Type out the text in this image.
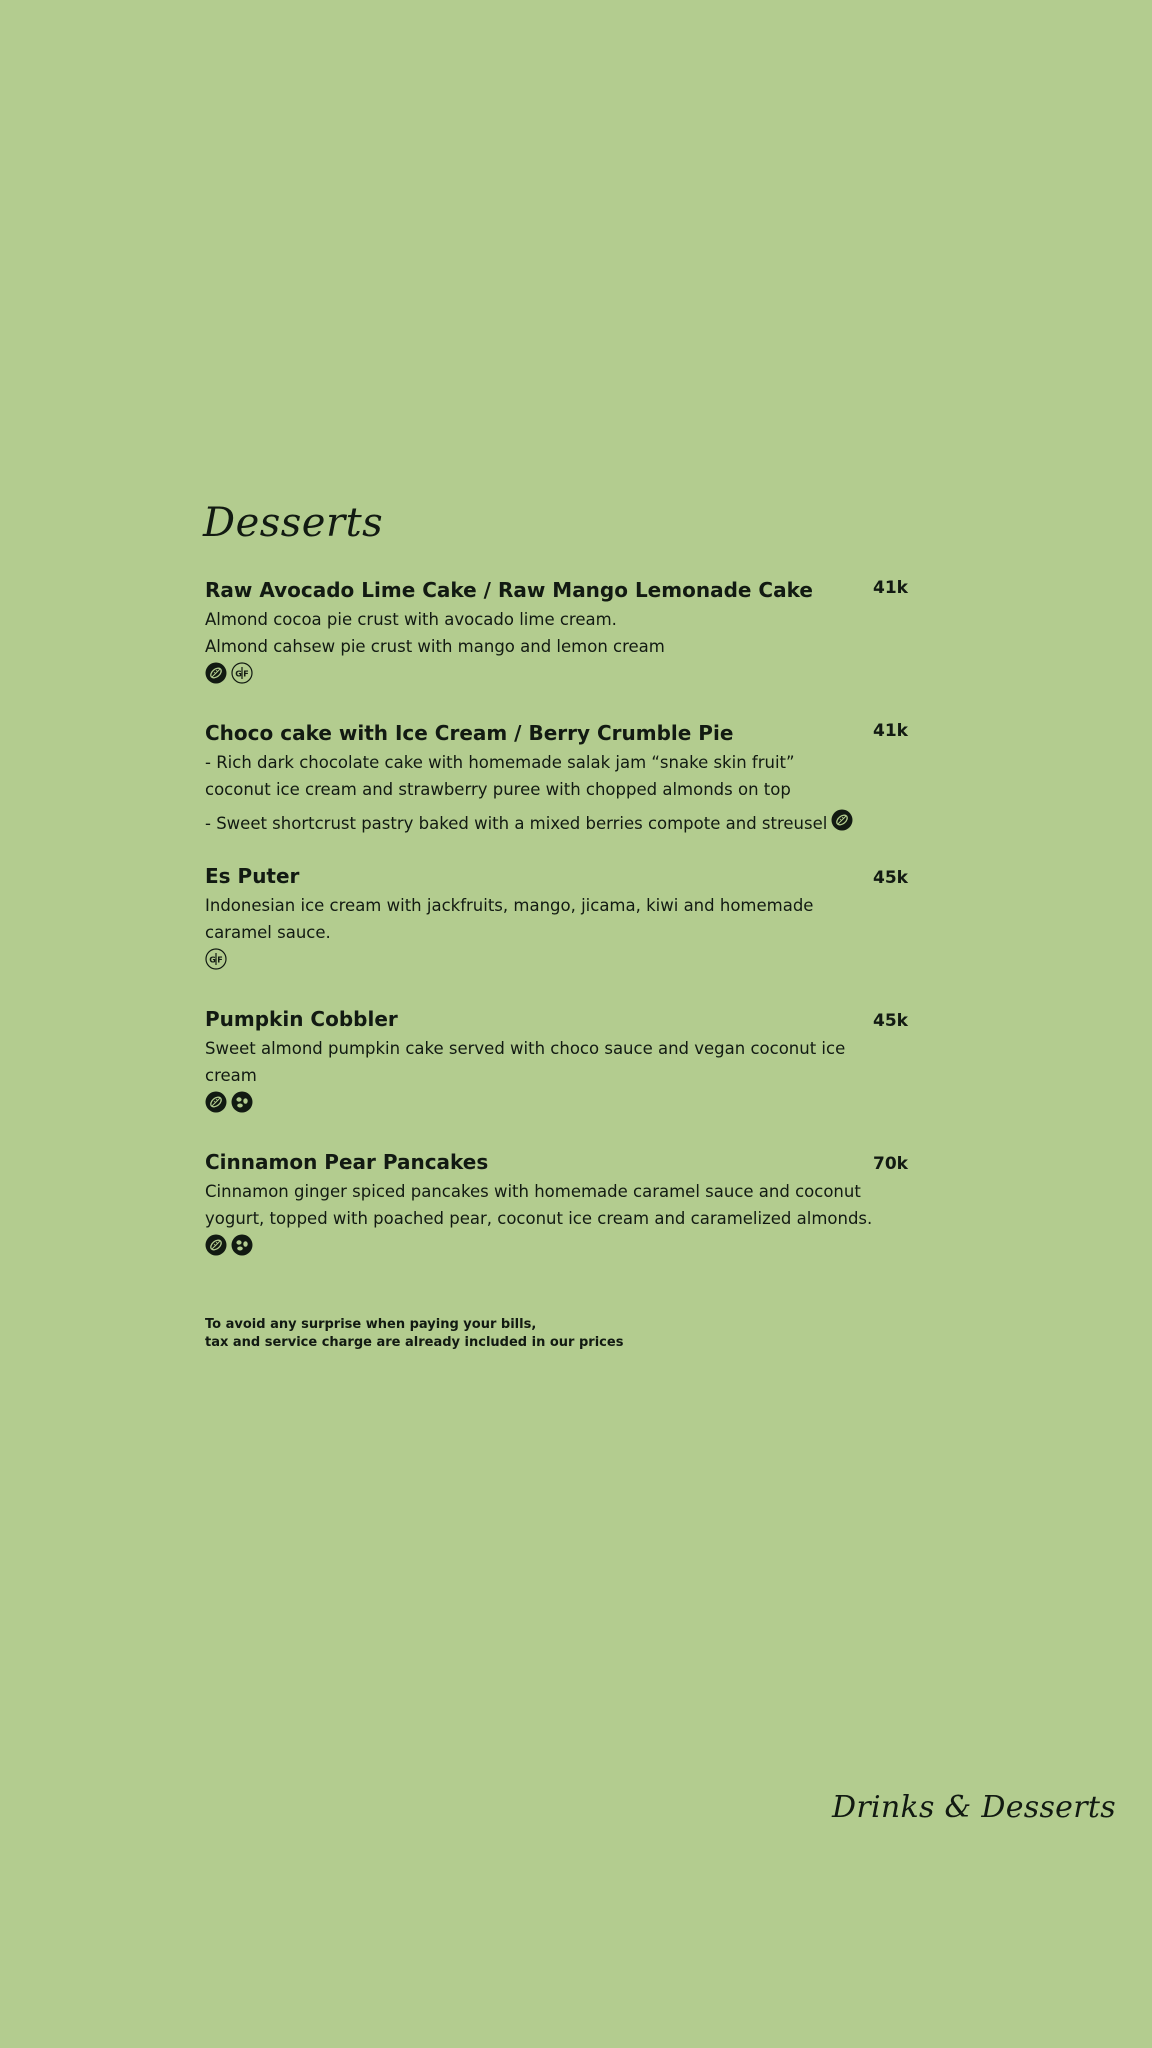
Desserts
Raw Avocado Lime Cake / Raw Mango Lemonade Cake	41k

Almond cocoa pie crust with avocado lime cream.
Almond cahsew pie crust with mango and lemon cream

G F
Choco cake with Ice Cream / Berry Crumble Pie	41k

- Rich dark chocolate cake with homemade salak jam “snake skin fruit”
coconut ice cream and strawberry puree with chopped almonds on top
- Sweet shortcrust pastry baked with a mixed berries compote and streusel

Es Puter	45k

Indonesian ice cream with jackfruits, mango, jicama, kiwi and homemade
caramel sauce.

G F
Pumpkin Cobbler	45k

Sweet almond pumpkin cake served with choco sauce and vegan coconut ice
cream

Cinnamon Pear Pancakes	70k

Cinnamon ginger spiced pancakes with homemade caramel sauce and coconut
yogurt, topped with poached pear, coconut ice cream and caramelized almonds.

To avoid any surprise when paying your bills,
tax and service charge are already included in our prices
Drinks & Desserts
